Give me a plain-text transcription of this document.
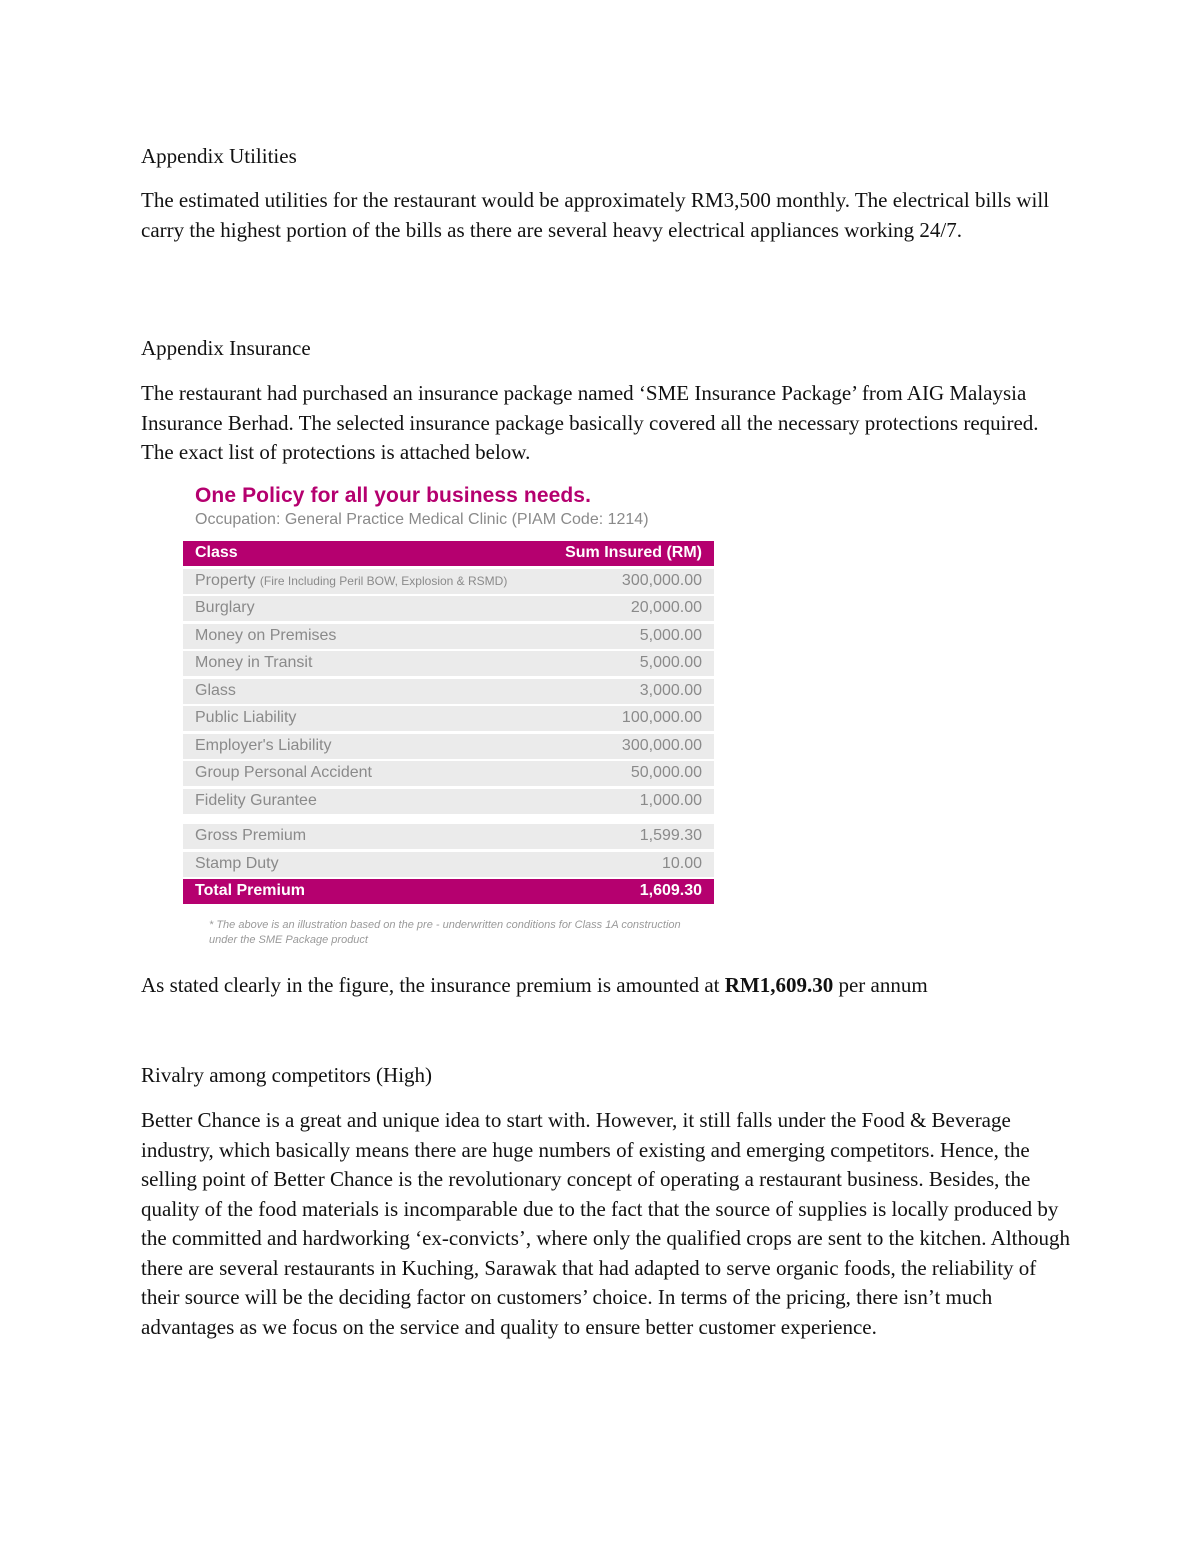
Appendix Utilities

The estimated utilities for the restaurant would be approximately RM3,500 monthly. The electrical bills will carry the highest portion of the bills as there are several heavy electrical appliances working 24/7.

Appendix Insurance

The restaurant had purchased an insurance package named ‘SME Insurance Package’ from AIG Malaysia Insurance Berhad. The selected insurance package basically covered all the necessary protections required. The exact list of protections is attached below.

One Policy for all your business needs.
Occupation: General Practice Medical Clinic (PIAM Code: 1214)
Class	Sum Insured (RM)
Property (Fire Including Peril BOW, Explosion & RSMD)	300,000.00
Burglary	20,000.00
Money on Premises	5,000.00
Money in Transit	5,000.00
Glass	3,000.00
Public Liability	100,000.00
Employer's Liability	300,000.00
Group Personal Accident	50,000.00
Fidelity Gurantee	1,000.00
Gross Premium	1,599.30
Stamp Duty	10.00
Total Premium	1,609.30
* The above is an illustration based on the pre - underwritten conditions for Class 1A construction under the SME Package product

As stated clearly in the figure, the insurance premium is amounted at RM1,609.30 per annum

Rivalry among competitors (High)

Better Chance is a great and unique idea to start with. However, it still falls under the Food & Beverage industry, which basically means there are huge numbers of existing and emerging competitors. Hence, the selling point of Better Chance is the revolutionary concept of operating a restaurant business. Besides, the quality of the food materials is incomparable due to the fact that the source of supplies is locally produced by the committed and hardworking ‘ex-convicts’, where only the qualified crops are sent to the kitchen. Although there are several restaurants in Kuching, Sarawak that had adapted to serve organic foods, the reliability of their source will be the deciding factor on customers’ choice. In terms of the pricing, there isn’t much advantages as we focus on the service and quality to ensure better customer experience.
